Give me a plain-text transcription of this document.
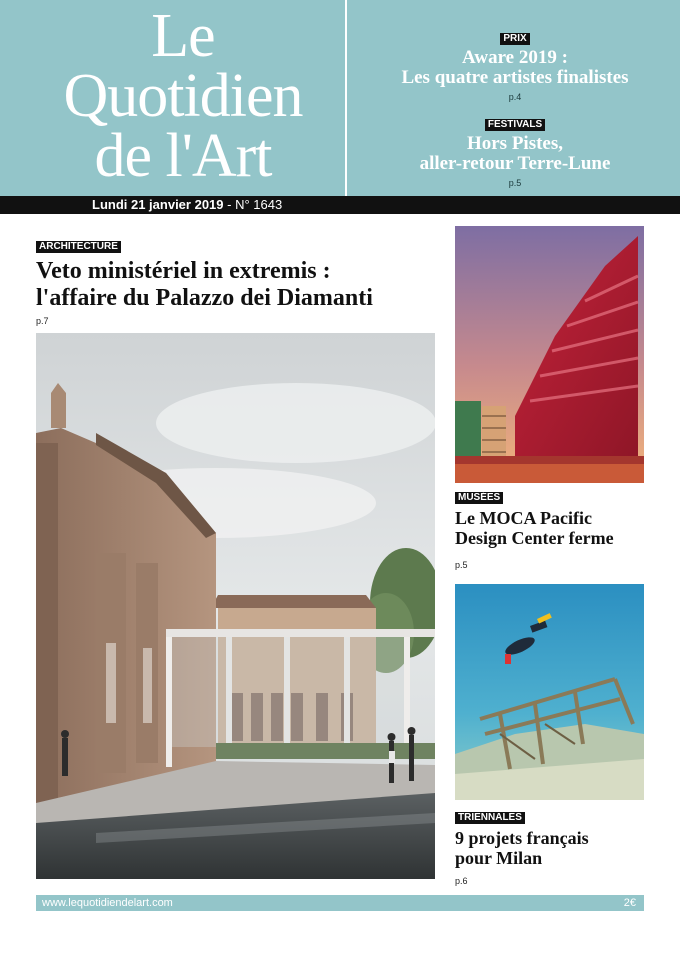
Le
Quotidien
de l'Art
PRIX
Aware 2019 :
Les quatre artistes finalistes
p.4
FESTIVALS
Hors Pistes,
aller-retour Terre-Lune
p.5
Lundi 21 janvier 2019 - N° 1643
ARCHITECTURE
Veto ministériel in extremis :
l'affaire du Palazzo dei Diamanti
p.7
MUSÉES
Le MOCA Pacific
Design Center ferme
p.5
TRIENNALES
9 projets français
pour Milan
p.6
www.lequotidiendelart.com	2€
